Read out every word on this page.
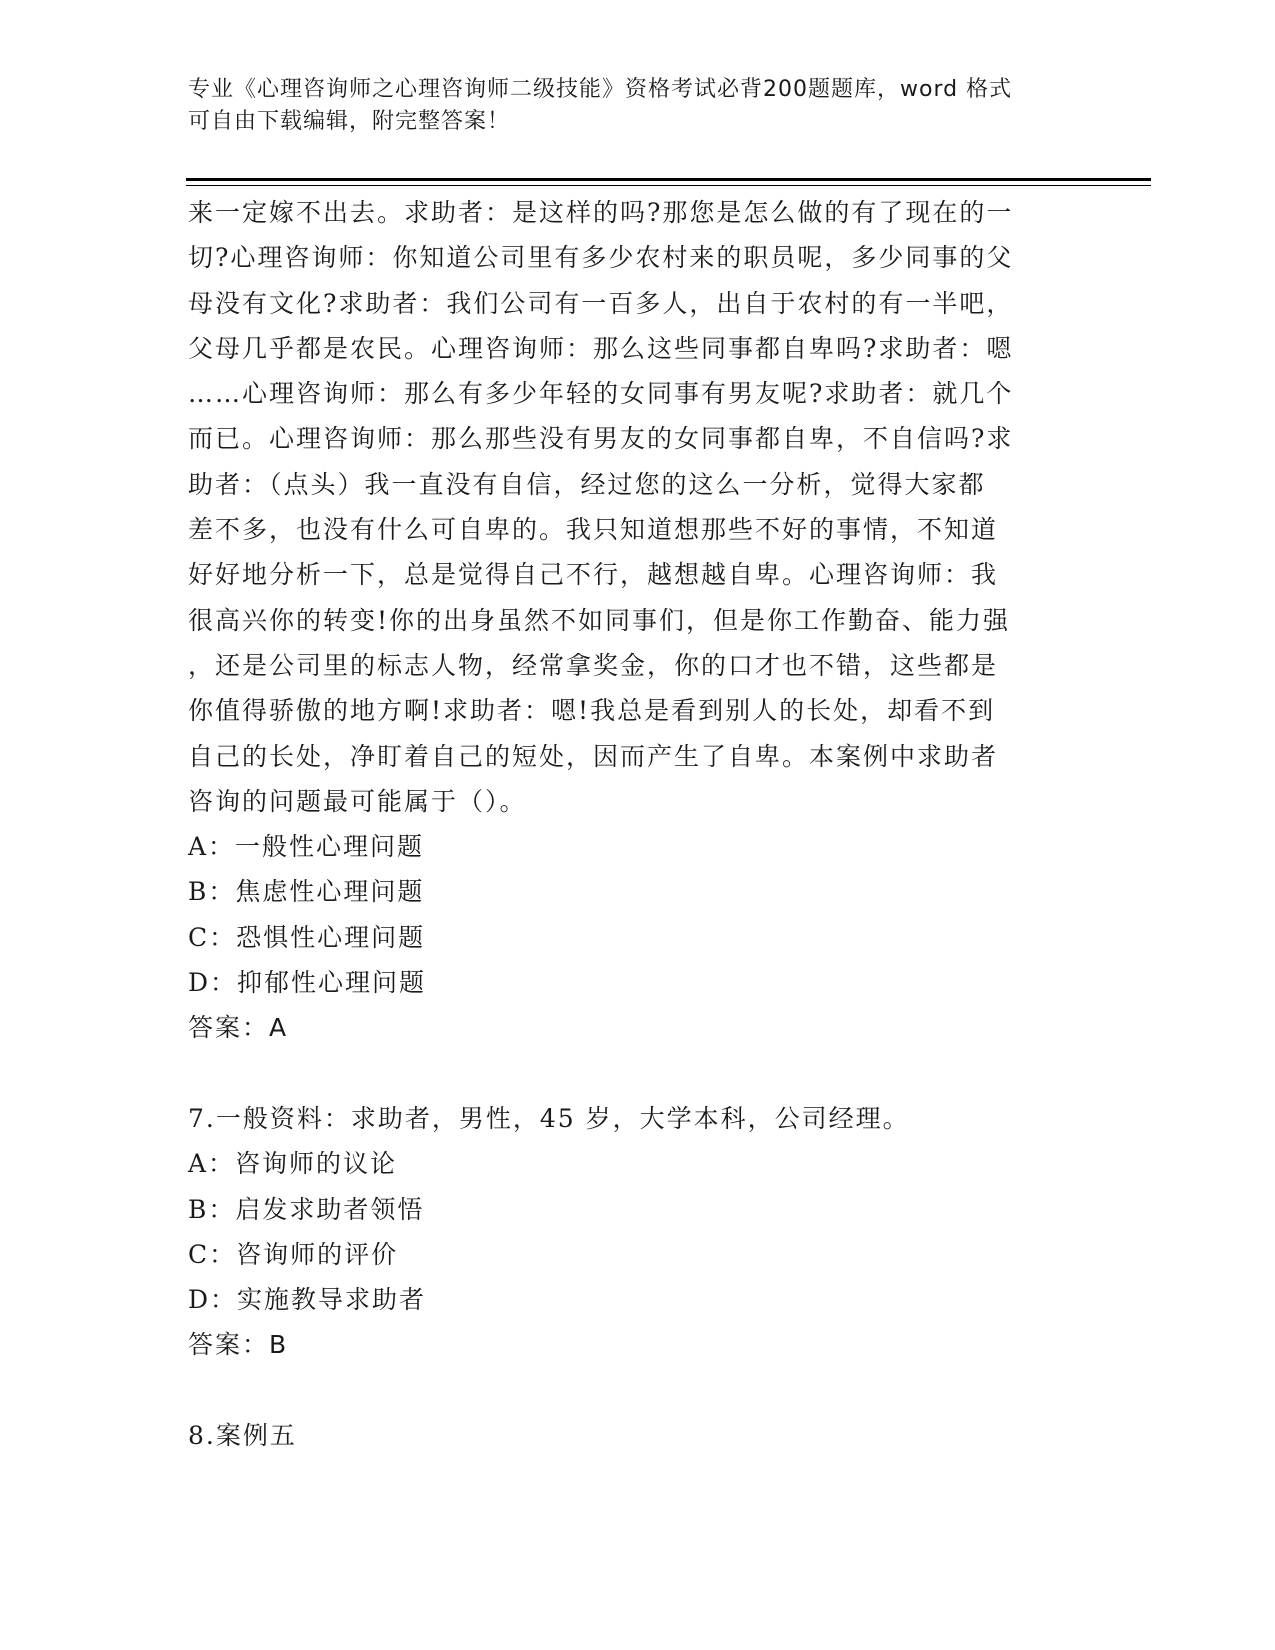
专业《心理咨询师之心理咨询师二级技能》资格考试必背200题题库，word 格式
可自由下载编辑，附完整答案！
来一定嫁不出去。求助者：是这样的吗?那您是怎么做的有了现在的一
切?心理咨询师：你知道公司里有多少农村来的职员呢，多少同事的父
母没有文化?求助者：我们公司有一百多人，出自于农村的有一半吧，
父母几乎都是农民。心理咨询师：那么这些同事都自卑吗?求助者：嗯
……心理咨询师：那么有多少年轻的女同事有男友呢?求助者：就几个
而已。心理咨询师：那么那些没有男友的女同事都自卑，不自信吗?求
助者：（点头）我一直没有自信，经过您的这么一分析，觉得大家都
差不多，也没有什么可自卑的。我只知道想那些不好的事情，不知道
好好地分析一下，总是觉得自己不行，越想越自卑。心理咨询师：我
很高兴你的转变!你的出身虽然不如同事们，但是你工作勤奋、能力强
，还是公司里的标志人物，经常拿奖金，你的口才也不错，这些都是
你值得骄傲的地方啊!求助者：嗯!我总是看到别人的长处，却看不到
自己的长处，净盯着自己的短处，因而产生了自卑。本案例中求助者
咨询的问题最可能属于（）。
A：一般性心理问题
B：焦虑性心理问题
C：恐惧性心理问题
D：抑郁性心理问题
答案：A
7.一般资料：求助者，男性，45 岁，大学本科，公司经理。
A：咨询师的议论
B：启发求助者领悟
C：咨询师的评价
D：实施教导求助者
答案：B
8.案例五
